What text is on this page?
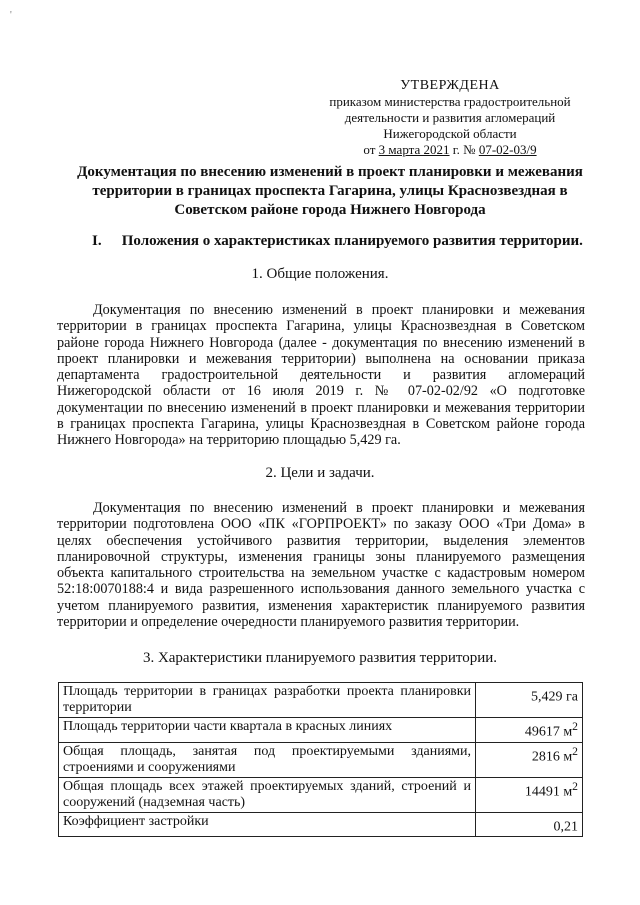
'
УТВЕРЖДЕНА
приказом министерства градостроительной
деятельности и развития агломераций
Нижегородской области
от 3 марта 2021 г. № 07-02-03/9
Документация по внесению изменений в проект планировки и межевания территории в границах проспекта Гагарина, улицы Краснозвездная в Советском районе города Нижнего Новгорода
I. Положения о характеристиках планируемого развития территории.
1. Общие положения.
Документация по внесению изменений в проект планировки и межевания территории в границах проспекта Гагарина, улицы Краснозвездная в Советском районе города Нижнего Новгорода (далее - документация по внесению изменений в проект планировки и межевания территории) выполнена на основании приказа департамента градостроительной деятельности и развития агломераций Нижегородской области от 16 июля 2019 г. № 07-02-02/92 «О подготовке документации по внесению изменений в проект планировки и межевания территории в границах проспекта Гагарина, улицы Краснозвездная в Советском районе города Нижнего Новгорода» на территорию площадью 5,429 га.
2. Цели и задачи.
Документация по внесению изменений в проект планировки и межевания территории подготовлена ООО «ПК «ГОРПРОЕКТ» по заказу ООО «Три Дома» в целях обеспечения устойчивого развития территории, выделения элементов планировочной структуры, изменения границы зоны планируемого размещения объекта капитального строительства на земельном участке с кадастровым номером 52:18:0070188:4 и вида разрешенного использования данного земельного участка с учетом планируемого развития, изменения характеристик планируемого развития территории и определение очередности планируемого развития территории.
3. Характеристики планируемого развития территории.
Площадь территории в границах разработки проекта планировки территории	5,429 га
Площадь территории части квартала в красных линиях	49617 $м^2$
Общая площадь, занятая под проектируемыми зданиями, строениями и сооружениями	2816 $м^2$
Общая площадь всех этажей проектируемых зданий, строений и сооружений (надземная часть)	14491 $м^2$
Коэффициент застройки	0,21
